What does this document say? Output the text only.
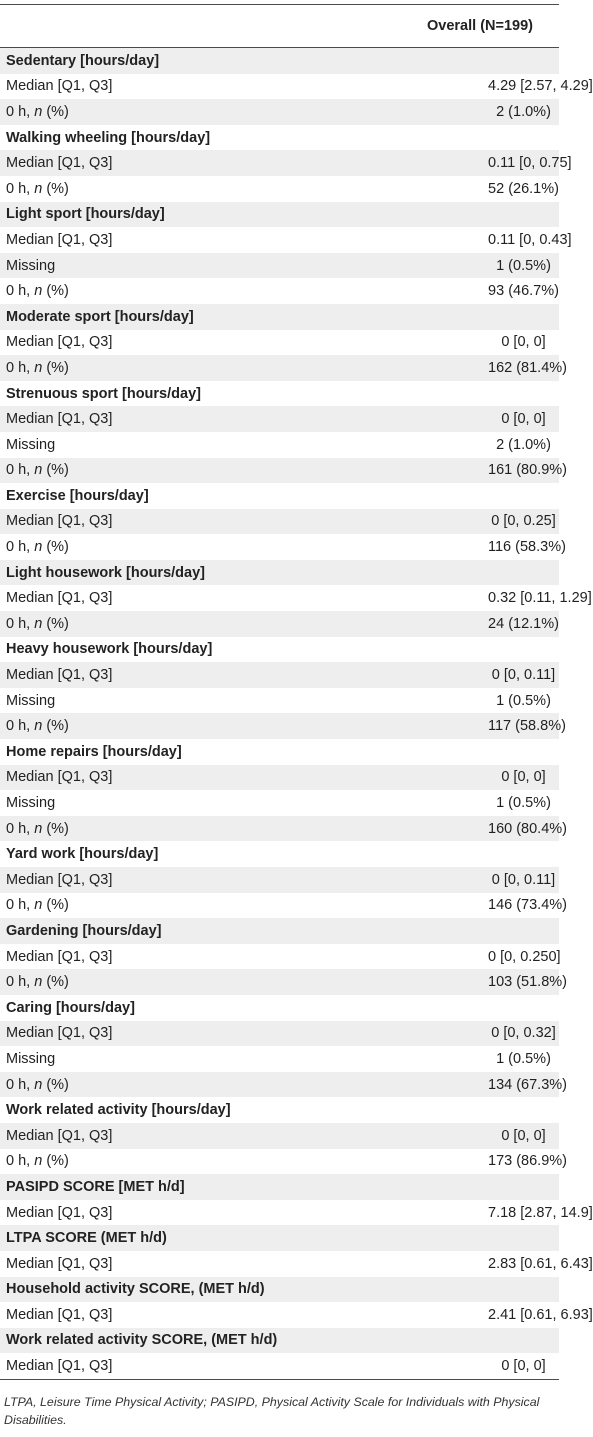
	Overall (N=199)
Sedentary [hours/day]	
Median [Q1, Q3]	4.29 [2.57, 4.29]
0 h, n (%)	2 (1.0%)
Walking wheeling [hours/day]	
Median [Q1, Q3]	0.11 [0, 0.75]
0 h, n (%)	52 (26.1%)
Light sport [hours/day]	
Median [Q1, Q3]	0.11 [0, 0.43]
Missing	1 (0.5%)
0 h, n (%)	93 (46.7%)
Moderate sport [hours/day]	
Median [Q1, Q3]	0 [0, 0]
0 h, n (%)	162 (81.4%)
Strenuous sport [hours/day]	
Median [Q1, Q3]	0 [0, 0]
Missing	2 (1.0%)
0 h, n (%)	161 (80.9%)
Exercise [hours/day]	
Median [Q1, Q3]	0 [0, 0.25]
0 h, n (%)	116 (58.3%)
Light housework [hours/day]	
Median [Q1, Q3]	0.32 [0.11, 1.29]
0 h, n (%)	24 (12.1%)
Heavy housework [hours/day]	
Median [Q1, Q3]	0 [0, 0.11]
Missing	1 (0.5%)
0 h, n (%)	117 (58.8%)
Home repairs [hours/day]	
Median [Q1, Q3]	0 [0, 0]
Missing	1 (0.5%)
0 h, n (%)	160 (80.4%)
Yard work [hours/day]	
Median [Q1, Q3]	0 [0, 0.11]
0 h, n (%)	146 (73.4%)
Gardening [hours/day]	
Median [Q1, Q3]	0 [0, 0.250]
0 h, n (%)	103 (51.8%)
Caring [hours/day]	
Median [Q1, Q3]	0 [0, 0.32]
Missing	1 (0.5%)
0 h, n (%)	134 (67.3%)
Work related activity [hours/day]	
Median [Q1, Q3]	0 [0, 0]
0 h, n (%)	173 (86.9%)
PASIPD SCORE [MET h/d]	
Median [Q1, Q3]	7.18 [2.87, 14.9]
LTPA SCORE (MET h/d)	
Median [Q1, Q3]	2.83 [0.61, 6.43]
Household activity SCORE, (MET h/d)	
Median [Q1, Q3]	2.41 [0.61, 6.93]
Work related activity SCORE, (MET h/d)	
Median [Q1, Q3]	0 [0, 0]

LTPA, Leisure Time Physical Activity; PASIPD, Physical Activity Scale for Individuals with Physical Disabilities.
